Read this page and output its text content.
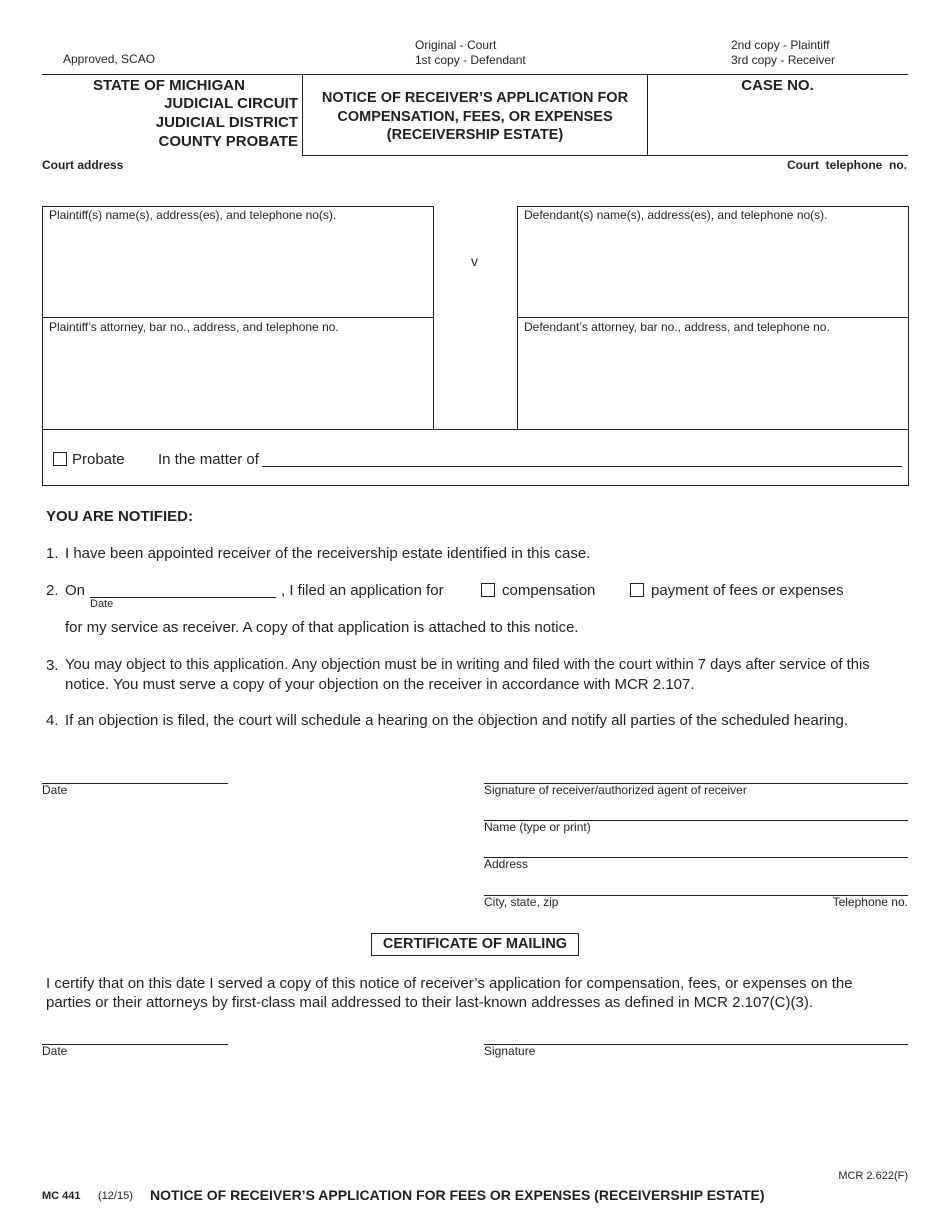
Approved, SCAO
Original - Court
1st copy - Defendant
2nd copy - Plaintiff
3rd copy - Receiver
STATE OF MICHIGAN
JUDICIAL CIRCUIT
JUDICIAL DISTRICT
COUNTY PROBATE
NOTICE OF RECEIVER’S APPLICATION FOR
COMPENSATION, FEES, OR EXPENSES
(RECEIVERSHIP ESTATE)
CASE NO.
Court address	Court  telephone  no.
Plaintiff(s) name(s), address(es), and telephone no(s).
v
Defendant(s) name(s), address(es), and telephone no(s).
Plaintiff’s attorney, bar no., address, and telephone no.	Defendant’s attorney, bar no., address, and telephone no.
Probate In the matter of
YOU ARE NOTIFIED:
1. I have been appointed receiver of the receivership estate identified in this case.
2. On
Date
, I filed an application for	compensation	payment of fees or expenses
for my service as receiver. A copy of that application is attached to this notice.
3. You may object to this application. Any objection must be in writing and filed with the court within 7 days after service of this
notice. You must serve a copy of your objection on the receiver in accordance with MCR 2.107.
4. If an objection is filed, the court will schedule a hearing on the objection and notify all parties of the scheduled hearing.
Date	Signature of receiver/authorized agent of receiver
Name (type or print)
Address
City, state, zip	Telephone no.
CERTIFICATE OF MAILING
I certify that on this date I served a copy of this notice of receiver’s application for compensation, fees, or expenses on the
parties or their attorneys by first-class mail addressed to their last-known addresses as defined in MCR 2.107(C)(3).
Date	Signature
MCR 2.622(F)
MC 441 (12/15) NOTICE OF RECEIVER’S APPLICATION FOR FEES OR EXPENSES (RECEIVERSHIP ESTATE)
